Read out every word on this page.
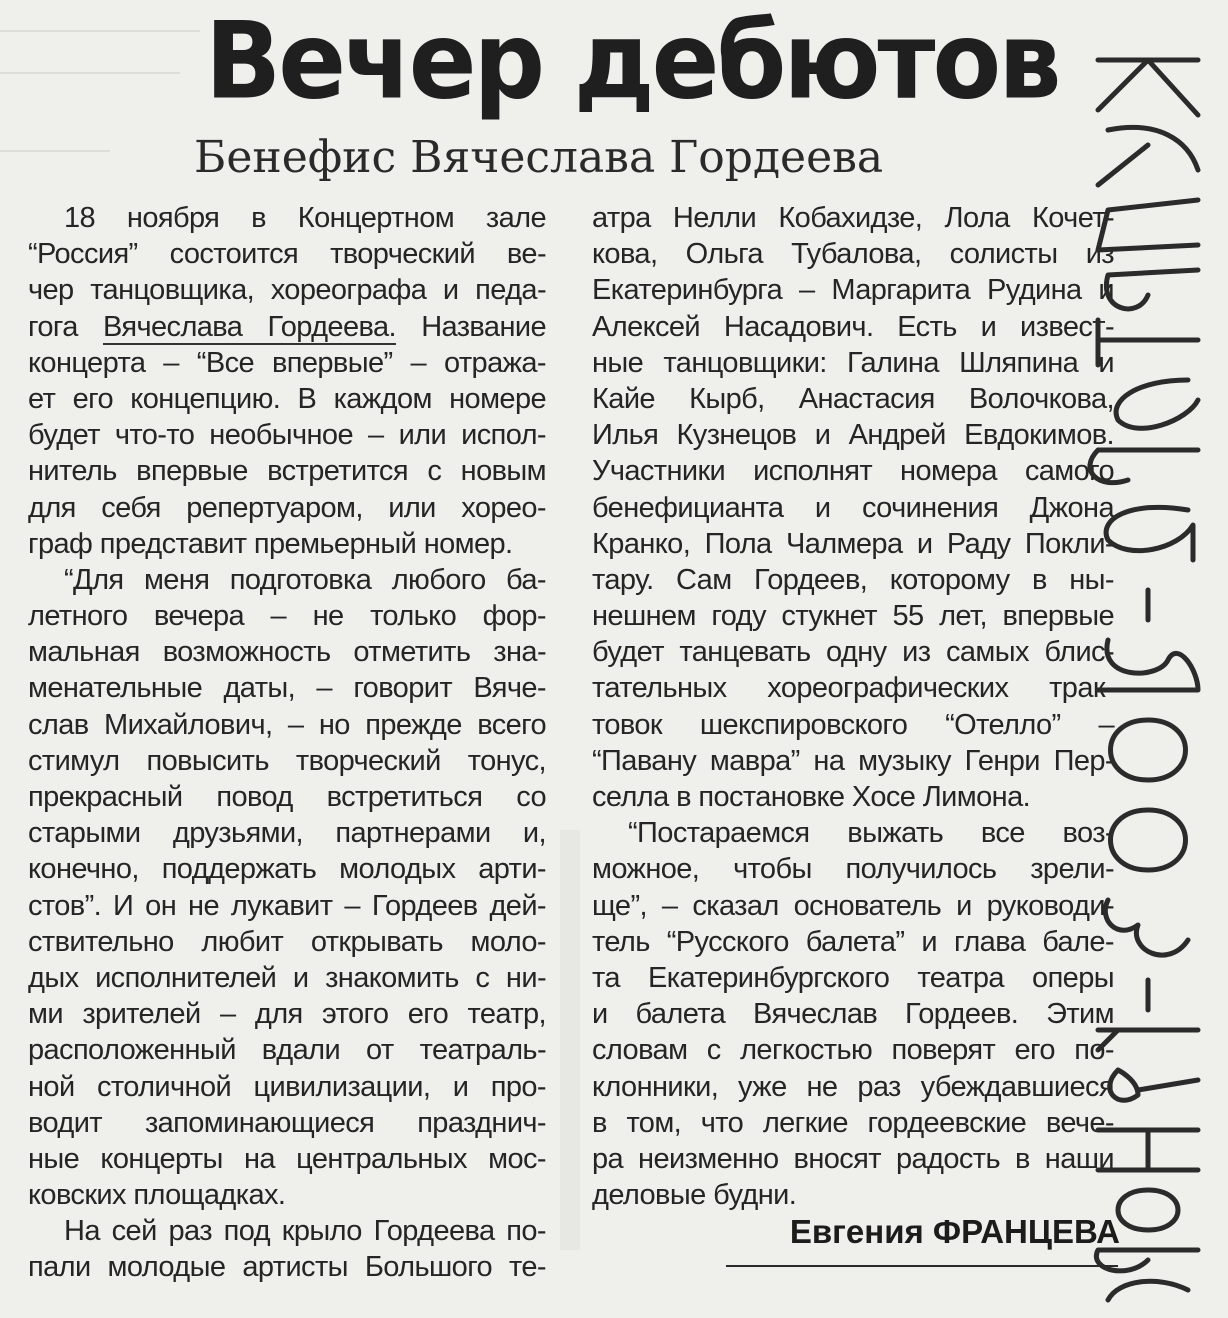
Вечер дебютов
Бенефис Вячеслава Гордеева
18 ноября в Концертном зале
“Россия” состоится творческий ве-
чер танцовщика, хореографа и педа-
гога Вячеслава Гордеева. Название
концерта – “Все впервые” – отража-
ет его концепцию. В каждом номере
будет что-то необычное – или испол-
нитель впервые встретится с новым
для себя репертуаром, или хорео-
граф представит премьерный номер.
“Для меня подготовка любого ба-
летного вечера – не только фор-
мальная возможность отметить зна-
менательные даты, – говорит Вяче-
слав Михайлович, – но прежде всего
стимул повысить творческий тонус,
прекрасный повод встретиться со
старыми друзьями, партнерами и,
конечно, поддержать молодых арти-
стов”. И он не лукавит – Гордеев дей-
ствительно любит открывать моло-
дых исполнителей и знакомить с ни-
ми зрителей – для этого его театр,
расположенный вдали от театраль-
ной столичной цивилизации, и про-
водит запоминающиеся празднич-
ные концерты на центральных мос-
ковских площадках.
На сей раз под крыло Гордеева по-
пали молодые артисты Большого те-
атра Нелли Кобахидзе, Лола Кочет-
кова, Ольга Тубалова, солисты из
Екатеринбурга – Маргарита Рудина и
Алексей Насадович. Есть и извест-
ные танцовщики: Галина Шляпина и
Кайе Кырб, Анастасия Волочкова,
Илья Кузнецов и Андрей Евдокимов.
Участники исполнят номера самого
бенефицианта и сочинения Джона
Кранко, Пола Чалмера и Раду Покли-
тару. Сам Гордеев, которому в ны-
нешнем году стукнет 55 лет, впервые
будет танцевать одну из самых блис-
тательных хореографических трак-
товок шекспировского “Отелло” –
“Павану мавра” на музыку Генри Пер-
селла в постановке Хосе Лимона.
“Постараемся выжать все воз-
можное, чтобы получилось зрели-
ще”, – сказал основатель и руководи-
тель “Русского балета” и глава бале-
та Екатеринбургского театра оперы
и балета Вячеслав Гордеев. Этим
словам с легкостью поверят его по-
клонники, уже не раз убеждавшиеся
в том, что легкие гордеевские вече-
ра неизменно вносят радость в наши
деловые будни.
Евгения ФРАНЦЕВА
